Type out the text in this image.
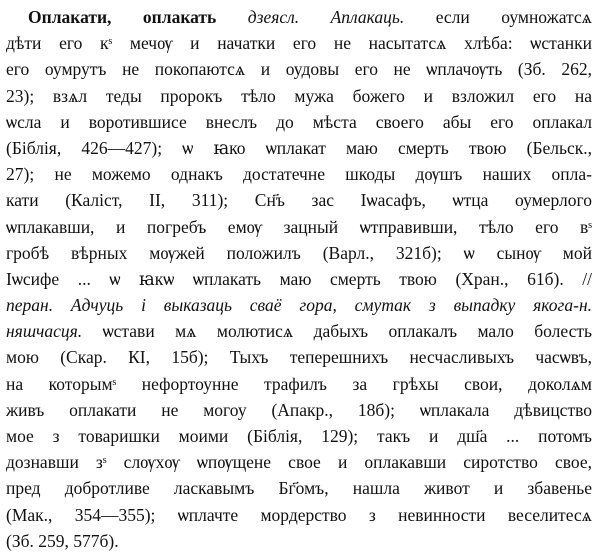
Оплакати, оплакать дзеясл. Аплакаць. если оумножатсѧ
дѣти его кˢ мечѹ и начатки его не насытатсѧ хлѣба: ѡстанки
его оумрутъ не покопаютсѧ и оудовы его не ѡплачѹть (Зб. 262,
23); взѧл теды пророкъ тѣло мужа божего и взложил его на
ѡсла и воротившисе внеслъ до мѣста своего абы его оплакал
(Біблія, 426—427); ѡ ꙗко ѡплакат маю смерть твою (Бельск.,
27); не можемо однакъ достатечне шкоды дѹшъ наших опла-
кати (Каліст, II, 311); Сн҃ъ зас Іѡасафъ, ѡтца оумерлого
ѡплакавши, и погребъ емѹ зацный ѡтправивши, тѣло его вˢ
гробѣ вѣрных мѹжей положилъ (Варл., 321б); ѡ сынѹ мой
Іѡсифе ... ѡ ꙗкѡ ѡплакать маю смерть твою (Хран., 61б). //
перан. Адчуць і выказаць сваё гора, смутак з выпадку якога-н.
няшчасця. ѡстави мѧ молютисѧ дабыхъ оплакалъ мало болесть
мою (Скар. КІ, 15б); Тыхъ теперешнихъ несчасливыхъ часѡвъ,
на которымˢ нефортоунне трафилъ за грѣхы свои, доколѧм
живъ оплакати не могоу (Апакр., 18б); ѡплакала дѣвицство
мое з товаришки моими (Біблія, 129); такъ и дш҃а ... потомъ
дознавши зˢ слѹхѹ ѡпѹщене свое и оплакавши сиротство свое,
пред добротливе ласкавымъ Бг҃омъ, нашла живот и збавенье
(Мак., 354—355); ѡплачте мордерство з невинности веселитесѧ
(Зб. 259, 577б).
